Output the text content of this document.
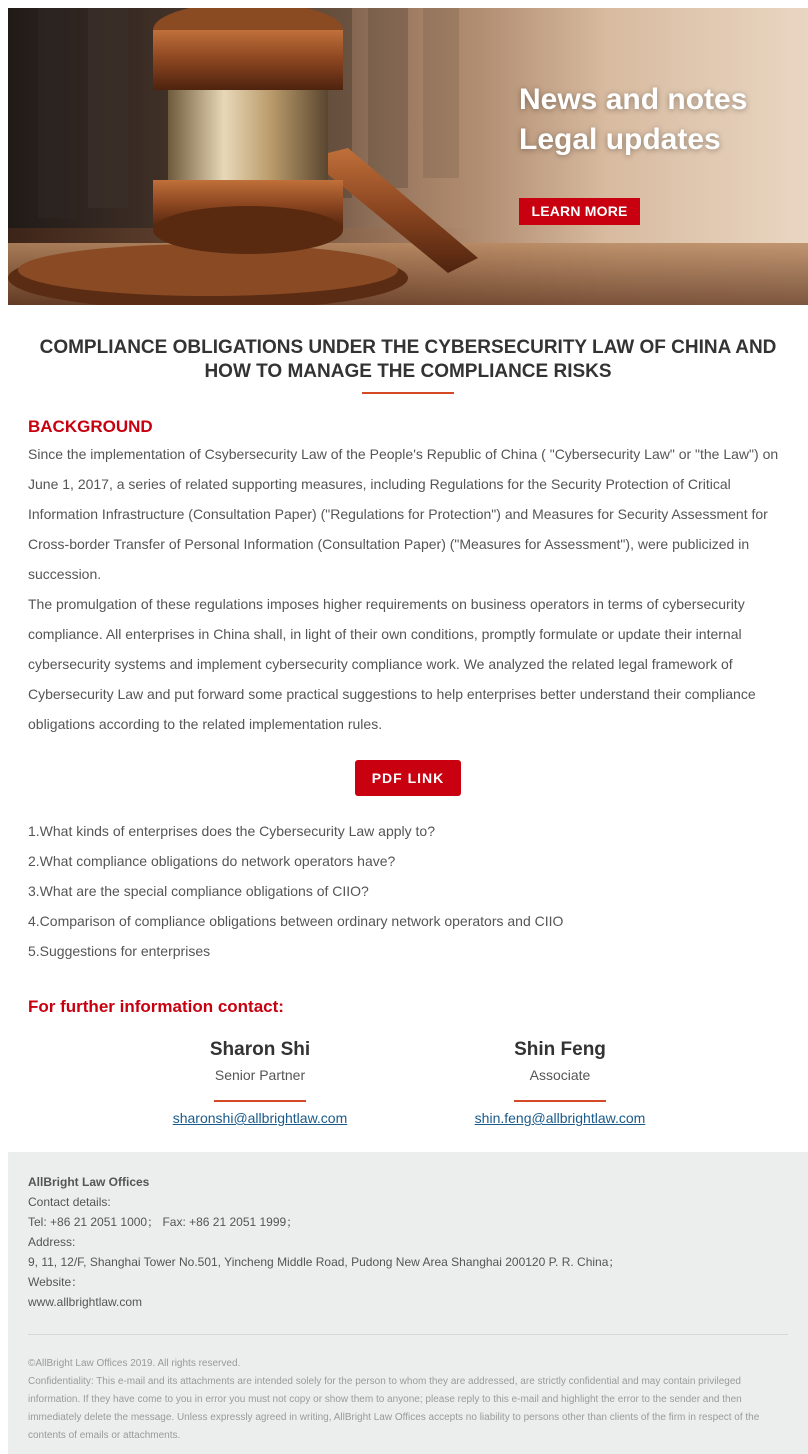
News and notes
Legal updates
LEARN MORE
COMPLIANCE OBLIGATIONS UNDER THE CYBERSECURITY LAW OF CHINA AND HOW TO MANAGE THE COMPLIANCE RISKS
BACKGROUND
Since the implementation of Csybersecurity Law of the People's Republic of China ( "Cybersecurity Law" or "the Law") on June 1, 2017, a series of related supporting measures, including Regulations for the Security Protection of Critical Information Infrastructure (Consultation Paper) ("Regulations for Protection") and Measures for Security Assessment for Cross-border Transfer of Personal Information (Consultation Paper) ("Measures for Assessment"), were publicized in succession.
The promulgation of these regulations imposes higher requirements on business operators in terms of cybersecurity compliance. All enterprises in China shall, in light of their own conditions, promptly formulate or update their internal cybersecurity systems and implement cybersecurity compliance work. We analyzed the related legal framework of Cybersecurity Law and put forward some practical suggestions to help enterprises better understand their compliance obligations according to the related implementation rules.
PDF LINK
1.What kinds of enterprises does the Cybersecurity Law apply to?
2.What compliance obligations do network operators have?
3.What are the special compliance obligations of CIIO?
4.Comparison of compliance obligations between ordinary network operators and CIIO
5.Suggestions for enterprises
For further information contact:
Sharon Shi
Senior Partner
sharonshi@allbrightlaw.com
Shin Feng
Associate
shin.feng@allbrightlaw.com
AllBright Law Offices
Contact details:
Tel: +86 21 2051 1000； Fax: +86 21 2051 1999；
Address:
9, 11, 12/F, Shanghai Tower No.501, Yincheng Middle Road, Pudong New Area Shanghai 200120 P. R. China；
Website：
www.allbrightlaw.com
©AllBright Law Offices 2019. All rights reserved.
Confidentiality: This e-mail and its attachments are intended solely for the person to whom they are addressed, are strictly confidential and may contain privileged information. If they have come to you in error you must not copy or show them to anyone; please reply to this e-mail and highlight the error to the sender and then immediately delete the message. Unless expressly agreed in writing, AllBright Law Offices accepts no liability to persons other than clients of the firm in respect of the contents of emails or attachments.
